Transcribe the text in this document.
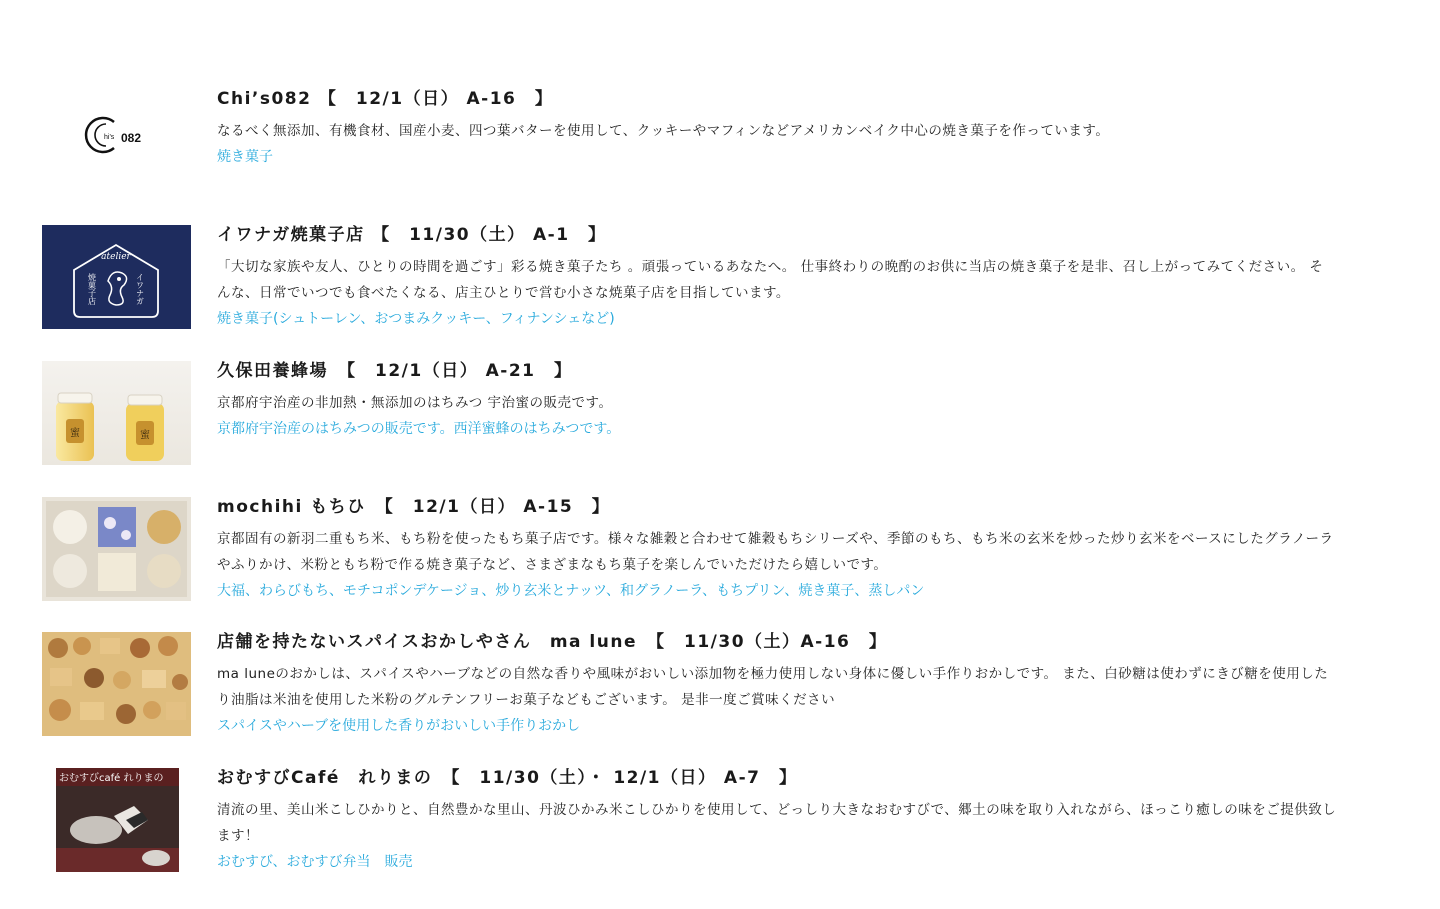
hi's 082

Chi’s082 【　12/1（日） A-16　】

なるべく無添加、有機食材、国産小麦、四つ葉バターを使用して、クッキーやマフィンなどアメリカンベイク中心の焼き菓子を作っています。

焼き菓子

atelier
焼菓子店	イワナガ

イワナガ焼菓子店 【　11/30（土） A-1　】

「大切な家族や友人、ひとりの時間を過ごす」彩る焼き菓子たち 。頑張っているあなたへ。 仕事終わりの晩酌のお供に当店の焼き菓子を是非、召し上がってみてください。 そんな、日常でいつでも食べたくなる、店主ひとりで営む小さな焼菓子店を目指しています。

焼き菓子(シュトーレン、おつまみクッキー、フィナンシェなど)

蜜	蜜

久保田養蜂場　【　12/1（日） A-21　】

京都府宇治産の非加熱・無添加のはちみつ 宇治蜜の販売です。

京都府宇治産のはちみつの販売です。西洋蜜蜂のはちみつです。

mochihi もちひ　【　12/1（日） A-15　】

京都固有の新羽二重もち米、もち粉を使ったもち菓子店です。様々な雑穀と合わせて雑穀もちシリーズや、季節のもち、もち米の玄米を炒った炒り玄米をベースにしたグラノーラやふりかけ、米粉ともち粉で作る焼き菓子など、さまざまなもち菓子を楽しんでいただけたら嬉しいです。

大福、わらびもち、モチコポンデケージョ、炒り玄米とナッツ、和グラノーラ、もちプリン、焼き菓子、蒸しパン

店舗を持たないスパイスおかしやさん　ma lune　【　11/30（土）A-16　】

ma luneのおかしは、スパイスやハーブなどの自然な香りや風味がおいしい添加物を極力使用しない身体に優しい手作りおかしです。 また、白砂糖は使わずにきび糖を使用したり油脂は米油を使用した米粉のグルテンフリーお菓子などもございます。 是非一度ご賞味ください

スパイスやハーブを使用した香りがおいしい手作りおかし

おむすびcafé れりまの	おむすびCafé　れりまの　【　11/30（土）・ 12/1（日） A-7　】

清流の里、美山米こしひかりと、自然豊かな里山、丹波ひかみ米こしひかりを使用して、どっしり大きなおむすびで、郷土の味を取り入れながら、ほっこり癒しの味をご提供致します！

おむすび、おむすび弁当　販売
